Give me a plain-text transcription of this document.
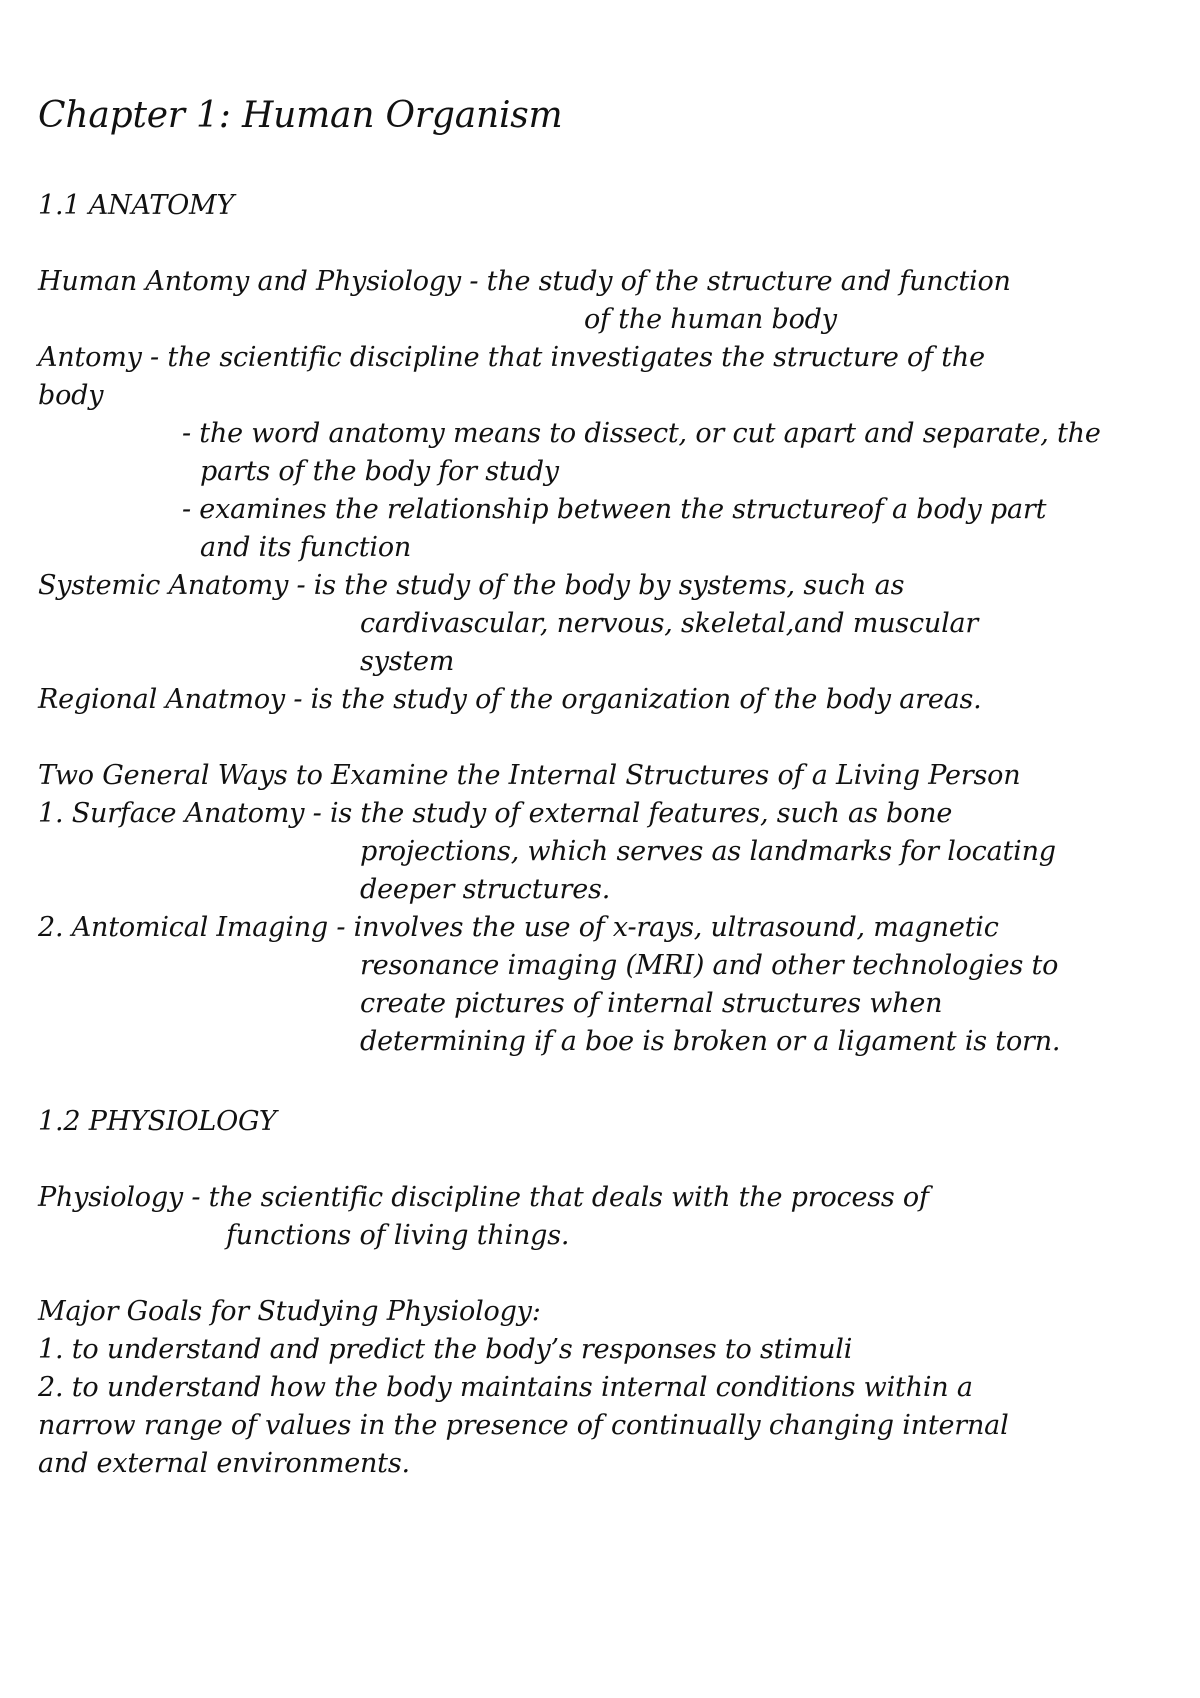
Chapter 1: Human Organism
1.1 ANATOMY
Human Antomy and Physiology - the study of the structure and function
of the human body
Antomy - the scientific discipline that investigates the structure of the
body
- the word anatomy means to dissect, or cut apart and separate, the
parts of the body for study
- examines the relationship between the structureof a body part
and its function
Systemic Anatomy - is the study of the body by systems, such as
cardivascular, nervous, skeletal,and muscular
system
Regional Anatmoy - is the study of the organization of the body areas.
Two General Ways to Examine the Internal Structures of a Living Person
1. Surface Anatomy - is the study of external features, such as bone
projections, which serves as landmarks for locating
deeper structures.
2. Antomical Imaging - involves the use of x-rays, ultrasound, magnetic
resonance imaging (MRI) and other technologies to
create pictures of internal structures when
determining if a boe is broken or a ligament is torn.
1.2 PHYSIOLOGY
Physiology - the scientific discipline that deals with the process of
functions of living things.
Major Goals for Studying Physiology:
1. to understand and predict the body’s responses to stimuli
2. to understand how the body maintains internal conditions within a
narrow range of values in the presence of continually changing internal
and external environments.
